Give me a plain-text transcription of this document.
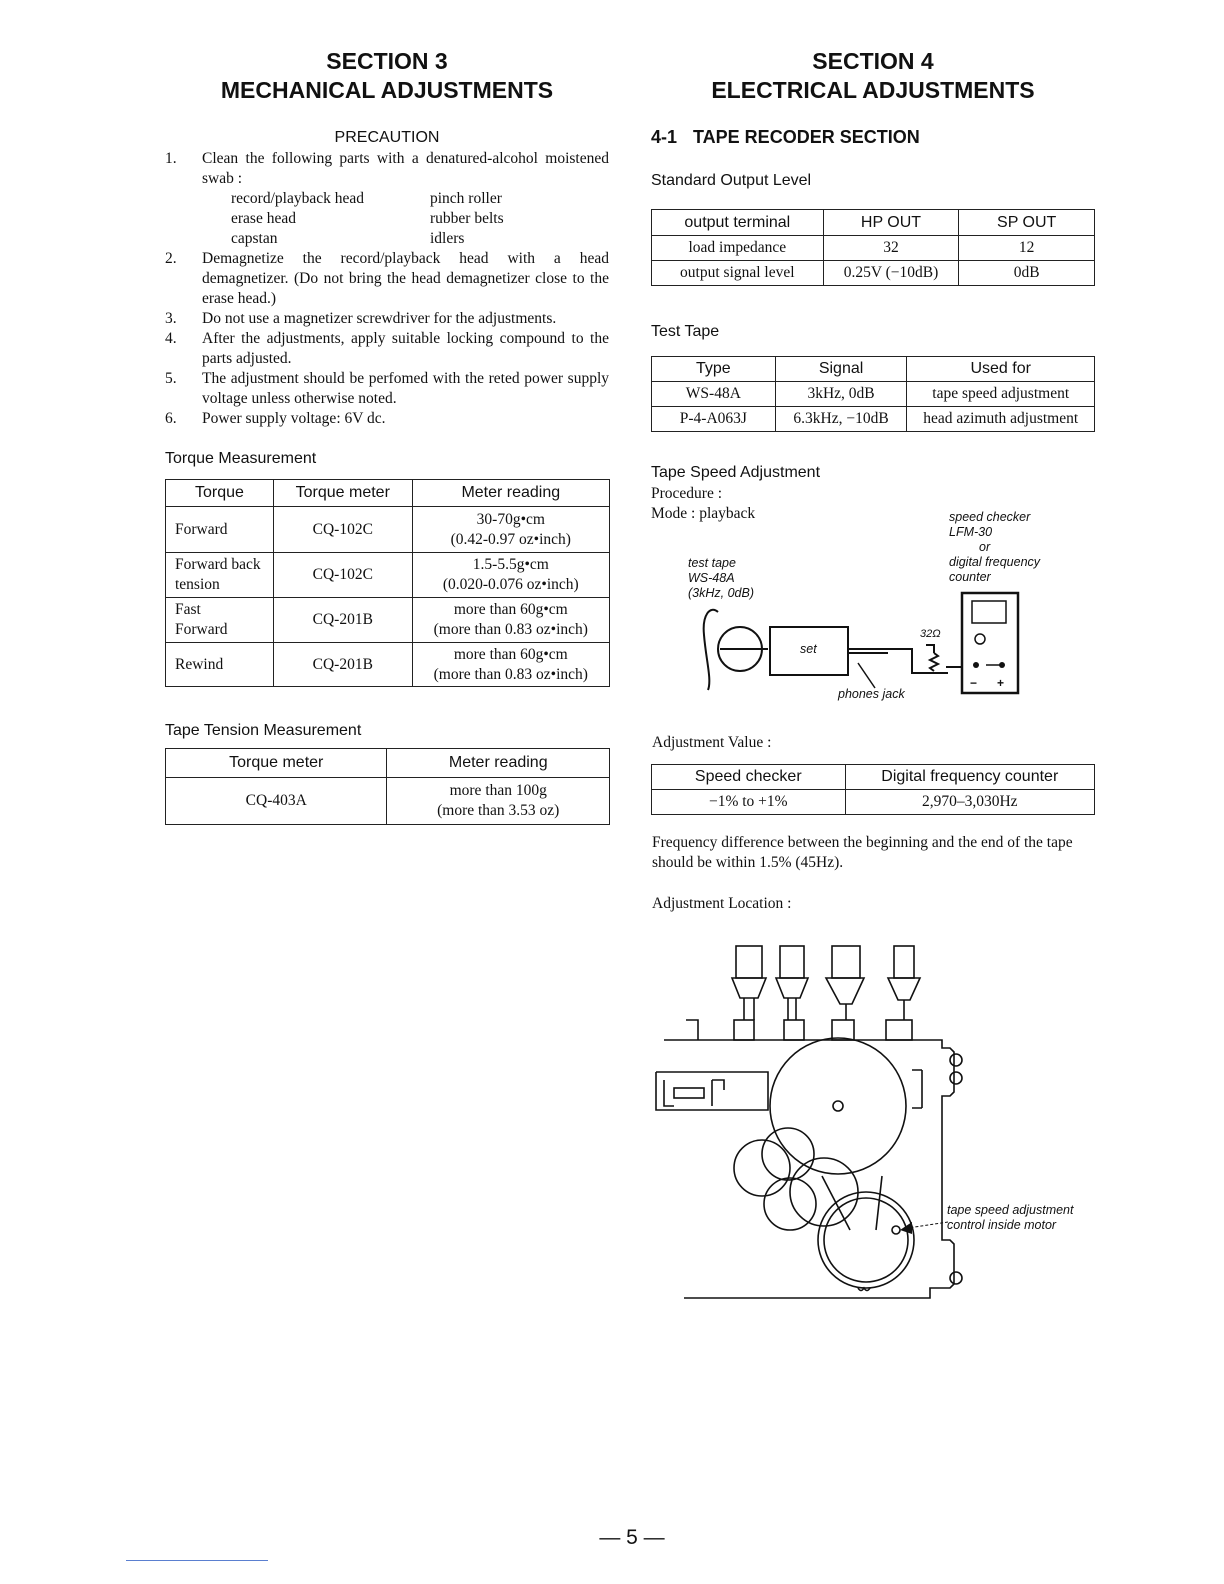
SECTION 3
MECHANICAL ADJUSTMENTS
PRECAUTION
1. Clean the following parts with a denatured-alcohol moistened swab :
record/playback head	pinch roller
erase head	rubber belts
capstan	idlers
2. Demagnetize the record/playback head with a head demagnetizer. (Do not bring the head demagnetizer close to the erase head.)
3. Do not use a magnetizer screwdriver for the adjustments.
4. After the adjustments, apply suitable locking compound to the parts adjusted.
5. The adjustment should be perfomed with the reted power supply voltage unless otherwise noted.
6. Power supply voltage: 6V dc.
Torque Measurement
Torque	Torque meter	Meter reading
Forward	CQ-102C	30-70g•cm
(0.42-0.97 oz•inch)

Forward back tension	CQ-102C	1.5-5.5g•cm
(0.020-0.076 oz•inch)

Fast Forward	CQ-201B	more than 60g•cm
(more than 0.83 oz•inch)

Rewind	CQ-201B	more than 60g•cm
(more than 0.83 oz•inch)
Tape Tension Measurement
Torque meter	Meter reading
CQ-403A	more than 100g
(more than 3.53 oz)
SECTION 4
ELECTRICAL ADJUSTMENTS
4-1 TAPE RECODER SECTION
Standard Output Level
output terminal	HP OUT	SP OUT
load impedance	32	12
output signal level	0.25V (−10dB)	0dB
Test Tape
Type	Signal	Used for
WS-48A	3kHz, 0dB	tape speed adjustment
P-4-A063J	6.3kHz, −10dB	head azimuth adjustment
Tape Speed Adjustment
Procedure :
Mode : playback
test tape
WS-48A
(3kHz, 0dB)
speed checker
LFM-30
or
digital frequency
counter
set
32Ω
phones jack
− +
Adjustment Value :
Speed checker	Digital frequency counter
−1% to +1%	2,970–3,030Hz
Frequency difference between the beginning and the end of the tape should be within 1.5% (45Hz).
Adjustment Location :
tape speed adjustment
control inside motor
— 5 —
